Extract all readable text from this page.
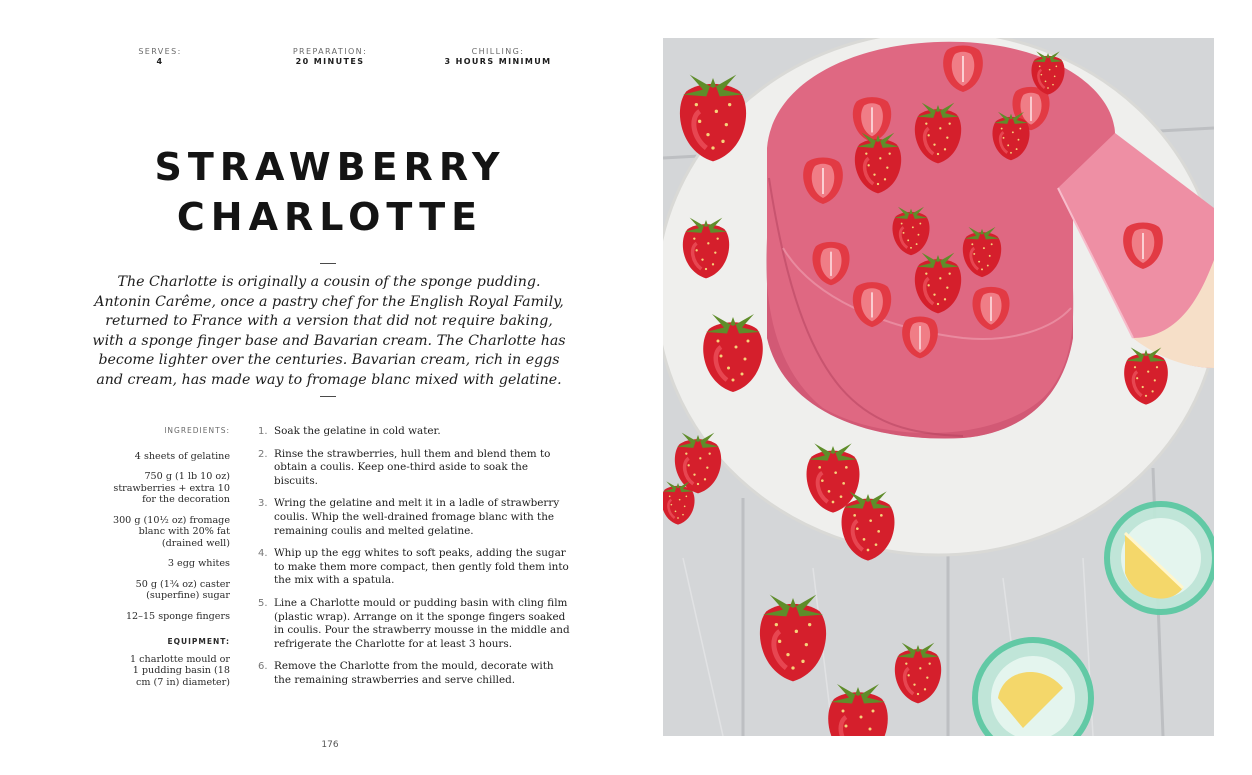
SERVES:
4
PREPARATION:
20 MINUTES
CHILLING:
3 HOURS MINIMUM
STRAWBERRY
CHARLOTTE
The Charlotte is originally a cousin of the sponge pudding. Antonin Carême, once a pastry chef for the English Royal Family, returned to France with a version that did not require baking, with a sponge finger base and Bavarian cream. The Charlotte has become lighter over the centuries. Bavarian cream, rich in eggs and cream, has made way to fromage blanc mixed with gelatine.
INGREDIENTS:
4 sheets of gelatine
750 g (1 lb 10 oz) strawberries + extra 10 for the decoration
300 g (10½ oz) fromage blanc with 20% fat (drained well)
3 egg whites
50 g (1¾ oz) caster (superfine) sugar
12–15 sponge fingers
EQUIPMENT:
1 charlotte mould or 1 pudding basin (18 cm (7 in) diameter)
1. Soak the gelatine in cold water.
2. Rinse the strawberries, hull them and blend them to obtain a coulis. Keep one-third aside to soak the biscuits.
3. Wring the gelatine and melt it in a ladle of strawberry coulis. Whip the well-drained fromage blanc with the remaining coulis and melted gelatine.
4. Whip up the egg whites to soft peaks, adding the sugar to make them more compact, then gently fold them into the mix with a spatula.
5. Line a Charlotte mould or pudding basin with cling film (plastic wrap). Arrange on it the sponge fingers soaked in coulis. Pour the strawberry mousse in the middle and refrigerate the Charlotte for at least 3 hours.
6. Remove the Charlotte from the mould, decorate with the remaining strawberries and serve chilled.
176
